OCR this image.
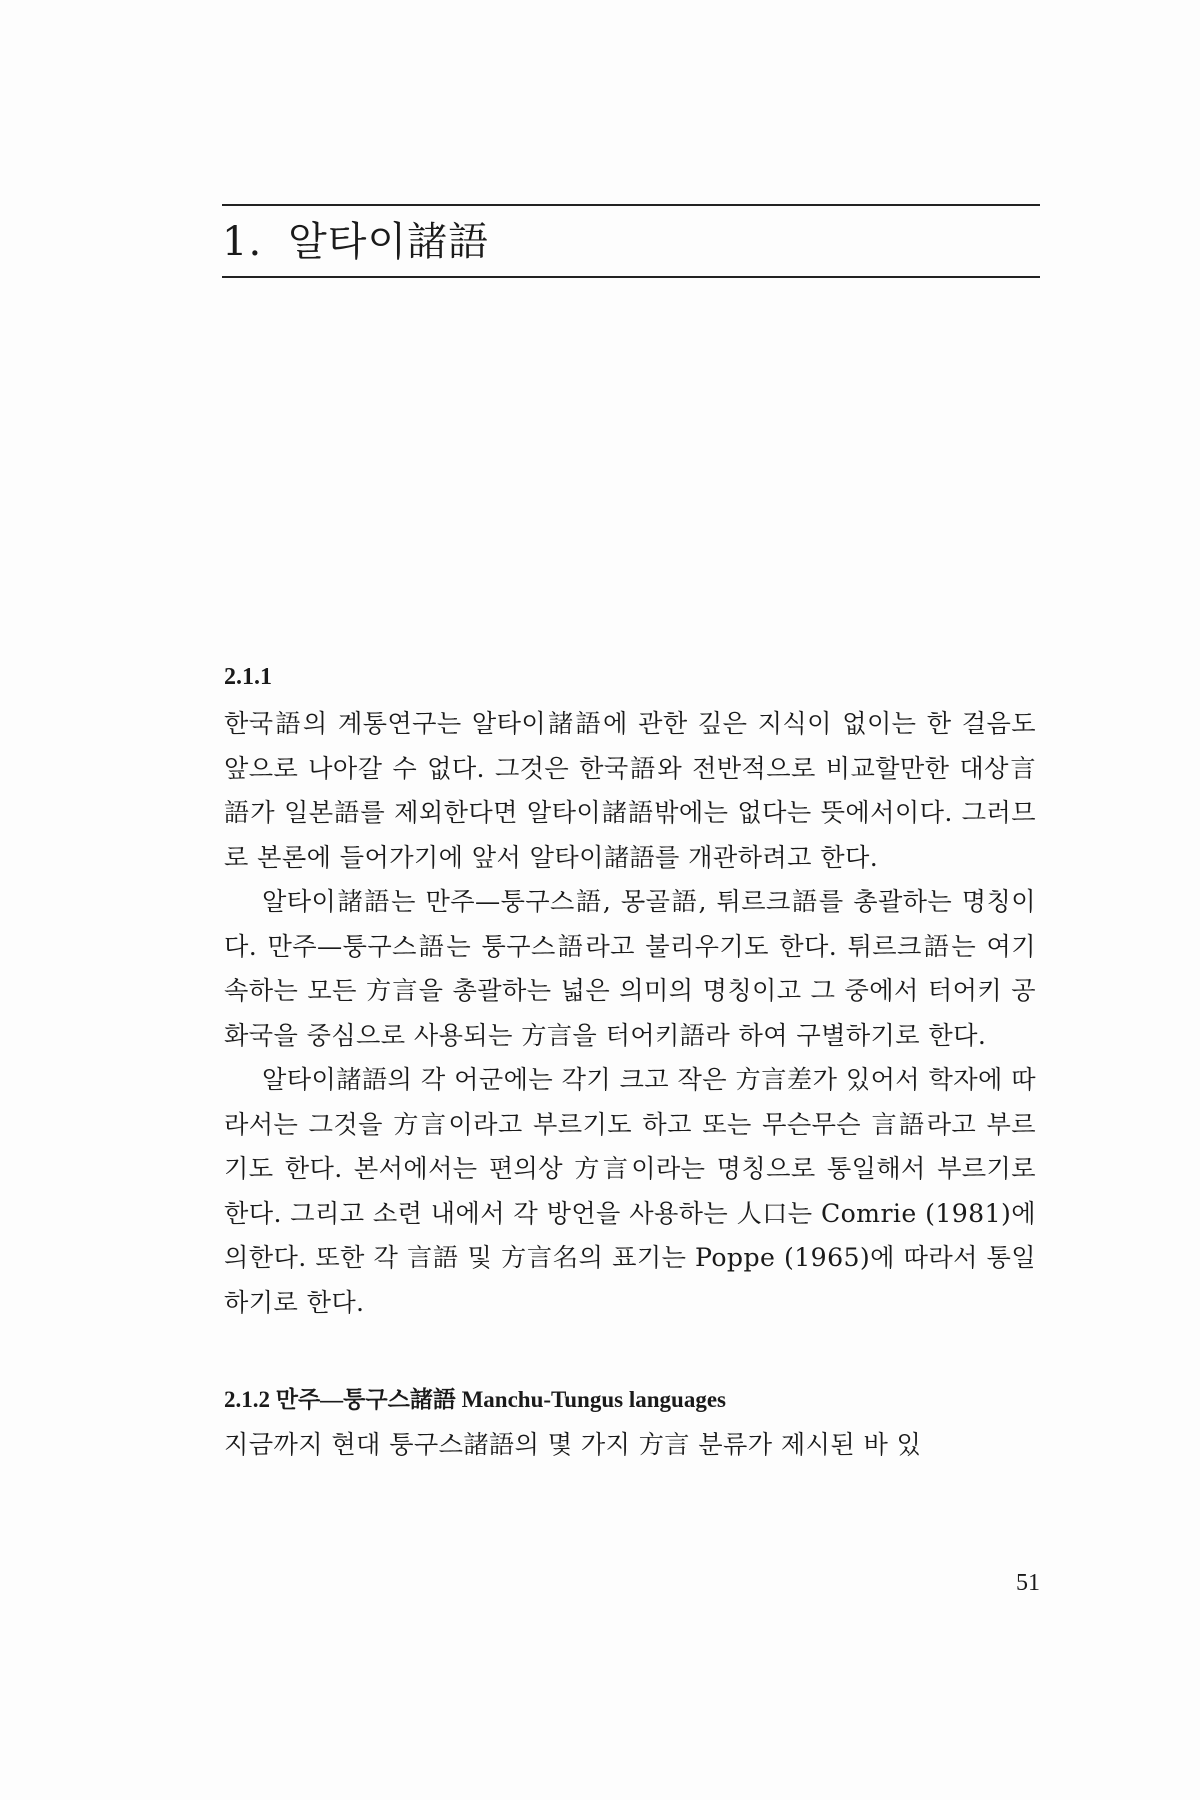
1. 알타이諸語
2.1.1

한국語의 계통연구는 알타이諸語에 관한 깊은 지식이 없이는 한 걸음도 앞으로 나아갈 수 없다. 그것은 한국語와 전반적으로 비교할만한 대상言語가 일본語를 제외한다면 알타이諸語밖에는 없다는 뜻에서이다. 그러므로 본론에 들어가기에 앞서 알타이諸語를 개관하려고 한다.

알타이諸語는 만주—퉁구스語, 몽골語, 튀르크語를 총괄하는 명칭이다. 만주—퉁구스語는 퉁구스語라고 불리우기도 한다. 튀르크語는 여기 속하는 모든 方言을 총괄하는 넓은 의미의 명칭이고 그 중에서 터어키 공화국을 중심으로 사용되는 方言을 터어키語라 하여 구별하기로 한다.

알타이諸語의 각 어군에는 각기 크고 작은 方言差가 있어서 학자에 따라서는 그것을 方言이라고 부르기도 하고 또는 무슨무슨 言語라고 부르기도 한다. 본서에서는 편의상 方言이라는 명칭으로 통일해서 부르기로 한다. 그리고 소련 내에서 각 방언을 사용하는 人口는 Comrie (1981)에 의한다. 또한 각 言語 및 方言名의 표기는 Poppe (1965)에 따라서 통일하기로 한다.

2.1.2 만주—퉁구스諸語 Manchu-Tungus languages

지금까지 현대 퉁구스諸語의 몇 가지 方言 분류가 제시된 바 있

51
